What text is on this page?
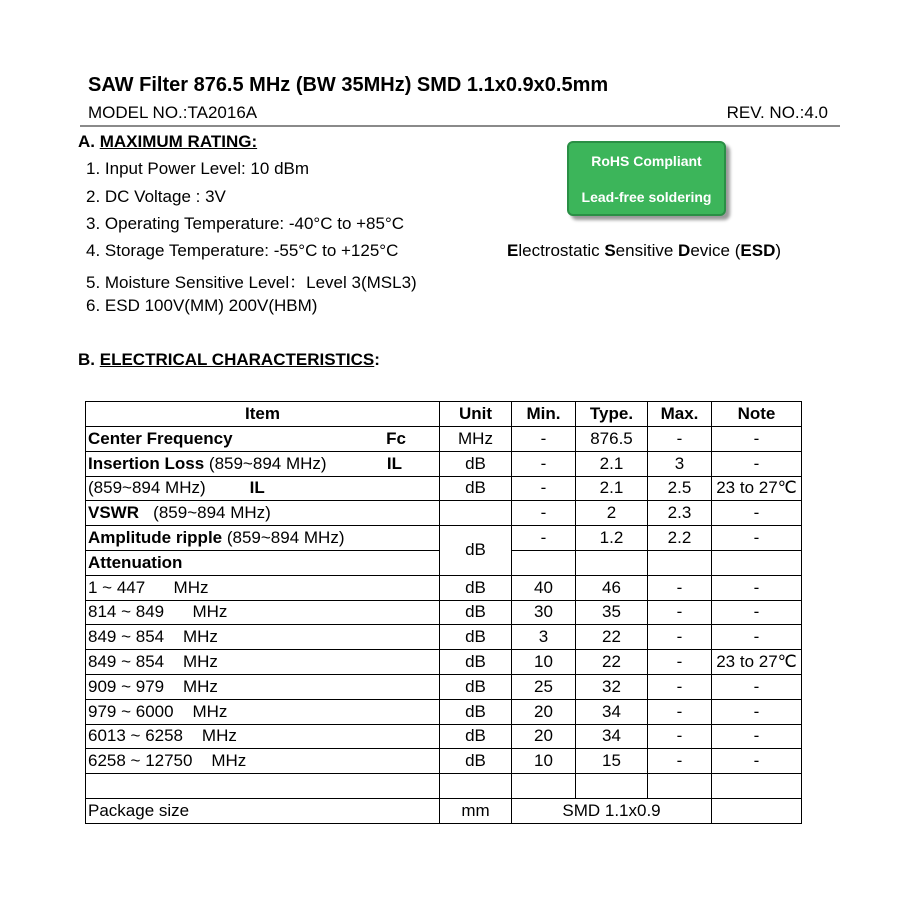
SAW Filter 876.5 MHz (BW 35MHz) SMD 1.1x0.9x0.5mm
MODEL NO.:TA2016A	REV. NO.:4.0
A. MAXIMUM RATING:
1. Input Power Level: 10 dBm
2. DC Voltage : 3V
3. Operating Temperature: -40°C to +85°C
4. Storage Temperature: -55°C to +125°C
5. Moisture Sensitive Level：Level 3(MSL3)
6. ESD 100V(MM) 200V(HBM)
RoHS Compliant
Lead-free soldering
Electrostatic Sensitive Device (ESD)
B. ELECTRICAL CHARACTERISTICS:
Item	Unit	Min.	Type.	Max.	Note
Center Frequency Fc	MHz	-	876.5	-	-
Insertion Loss (859~894 MHz) IL	dB	-	2.1	3	-
(859~894 MHz) IL	dB	-	2.1	2.5	23 to 27℃
VSWR   (859~894 MHz)		-	2	2.3	-
Amplitude ripple (859~894 MHz)	dB	-	1.2	2.2	-
Attenuation					
1 ~ 447      MHz	dB	40	46	-	-
814 ~ 849      MHz	dB	30	35	-	-
849 ~ 854    MHz	dB	3	22	-	-
849 ~ 854    MHz	dB	10	22	-	23 to 27℃
909 ~ 979    MHz	dB	25	32	-	-
979 ~ 6000    MHz	dB	20	34	-	-
6013 ~ 6258    MHz	dB	20	34	-	-
6258 ~ 12750    MHz	dB	10	15	-	-

Package size	mm	SMD 1.1x0.9			
